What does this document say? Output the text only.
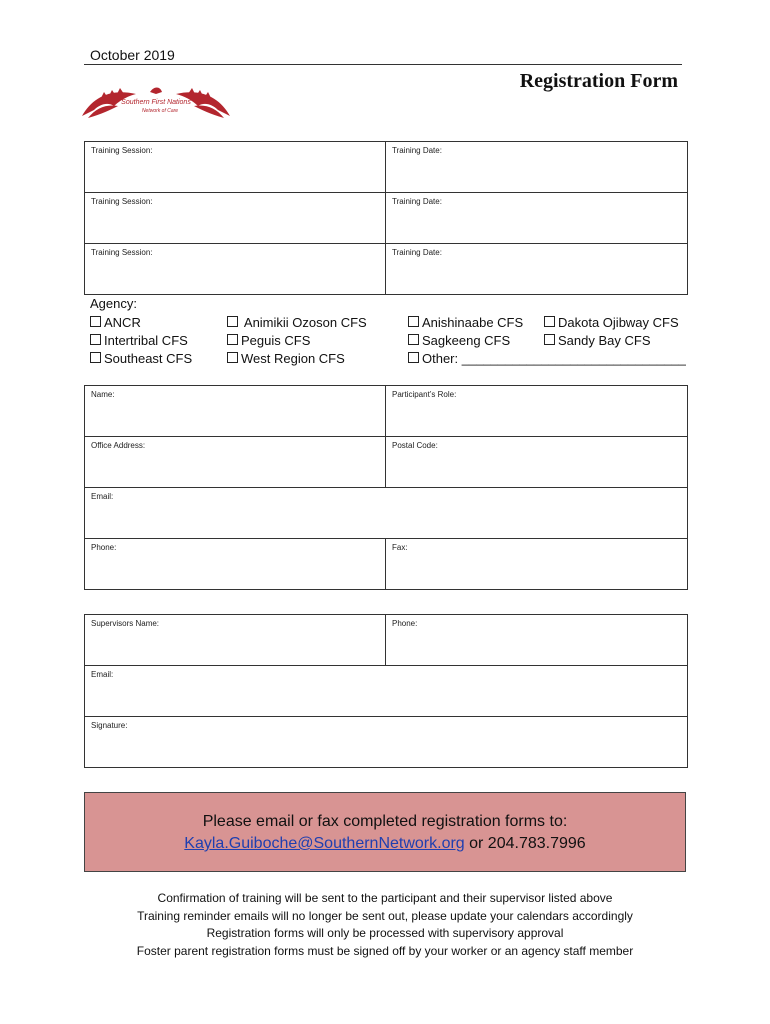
October 2019
Registration Form
Southern First Nations
Network of Care
Training Session:	Training Date:

Training Session:	Training Date:

Training Session:	Training Date:
Agency:
ANCR
Intertribal CFS
Southeast CFS
Animikii Ozoson CFS
Peguis CFS
West Region CFS
Anishinaabe CFS
Sagkeeng CFS
Other: _______________________________
Dakota Ojibway CFS
Sandy Bay CFS
Name:	Participant’s Role:

Office Address:	Postal Code:

Email:	

Phone:	Fax:
Supervisors Name:	Phone:

Email:

Signature:
Please email or fax completed registration forms to:
Kayla.Guiboche@SouthernNetwork.org or 204.783.7996
Confirmation of training will be sent to the participant and their supervisor listed above
Training reminder emails will no longer be sent out, please update your calendars accordingly
Registration forms will only be processed with supervisory approval
Foster parent registration forms must be signed off by your worker or an agency staff member
